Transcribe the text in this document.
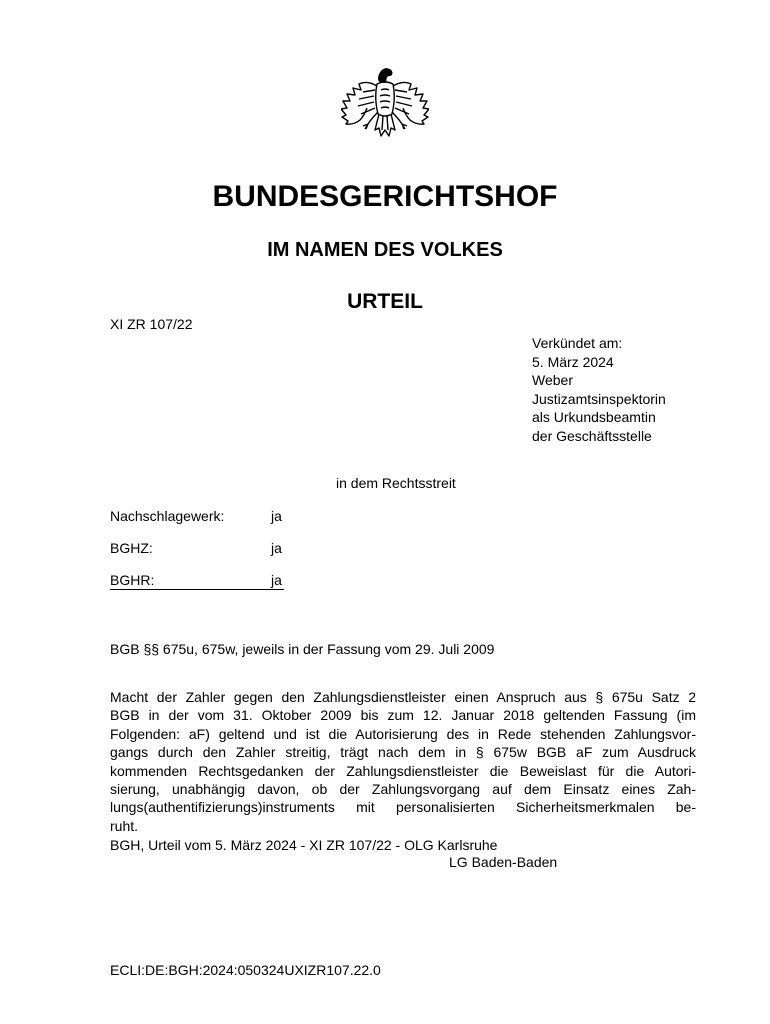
BUNDESGERICHTSHOF
IM NAMEN DES VOLKES
URTEIL
XI ZR 107/22
Verkündet am:
5. März 2024
Weber
Justizamtsinspektorin
als Urkundsbeamtin
der Geschäftsstelle
in dem Rechtsstreit
Nachschlagewerk:	ja
BGHZ:	ja
BGHR:	ja
BGB §§ 675u, 675w, jeweils in der Fassung vom 29. Juli 2009
Macht der Zahler gegen den Zahlungsdienstleister einen Anspruch aus § 675u Satz 2
BGB in der vom 31. Oktober 2009 bis zum 12. Januar 2018 geltenden Fassung (im
Folgenden: aF) geltend und ist die Autorisierung des in Rede stehenden Zahlungsvor-
gangs durch den Zahler streitig, trägt nach dem in § 675w BGB aF zum Ausdruck
kommenden Rechtsgedanken der Zahlungsdienstleister die Beweislast für die Autori-
sierung, unabhängig davon, ob der Zahlungsvorgang auf dem Einsatz eines Zah-
lungs(authentifizierungs)instruments mit personalisierten Sicherheitsmerkmalen be-
ruht.
BGH, Urteil vom 5. März 2024 - XI ZR 107/22 - OLG Karlsruhe
LG Baden-Baden
ECLI:DE:BGH:2024:050324UXIZR107.22.0
